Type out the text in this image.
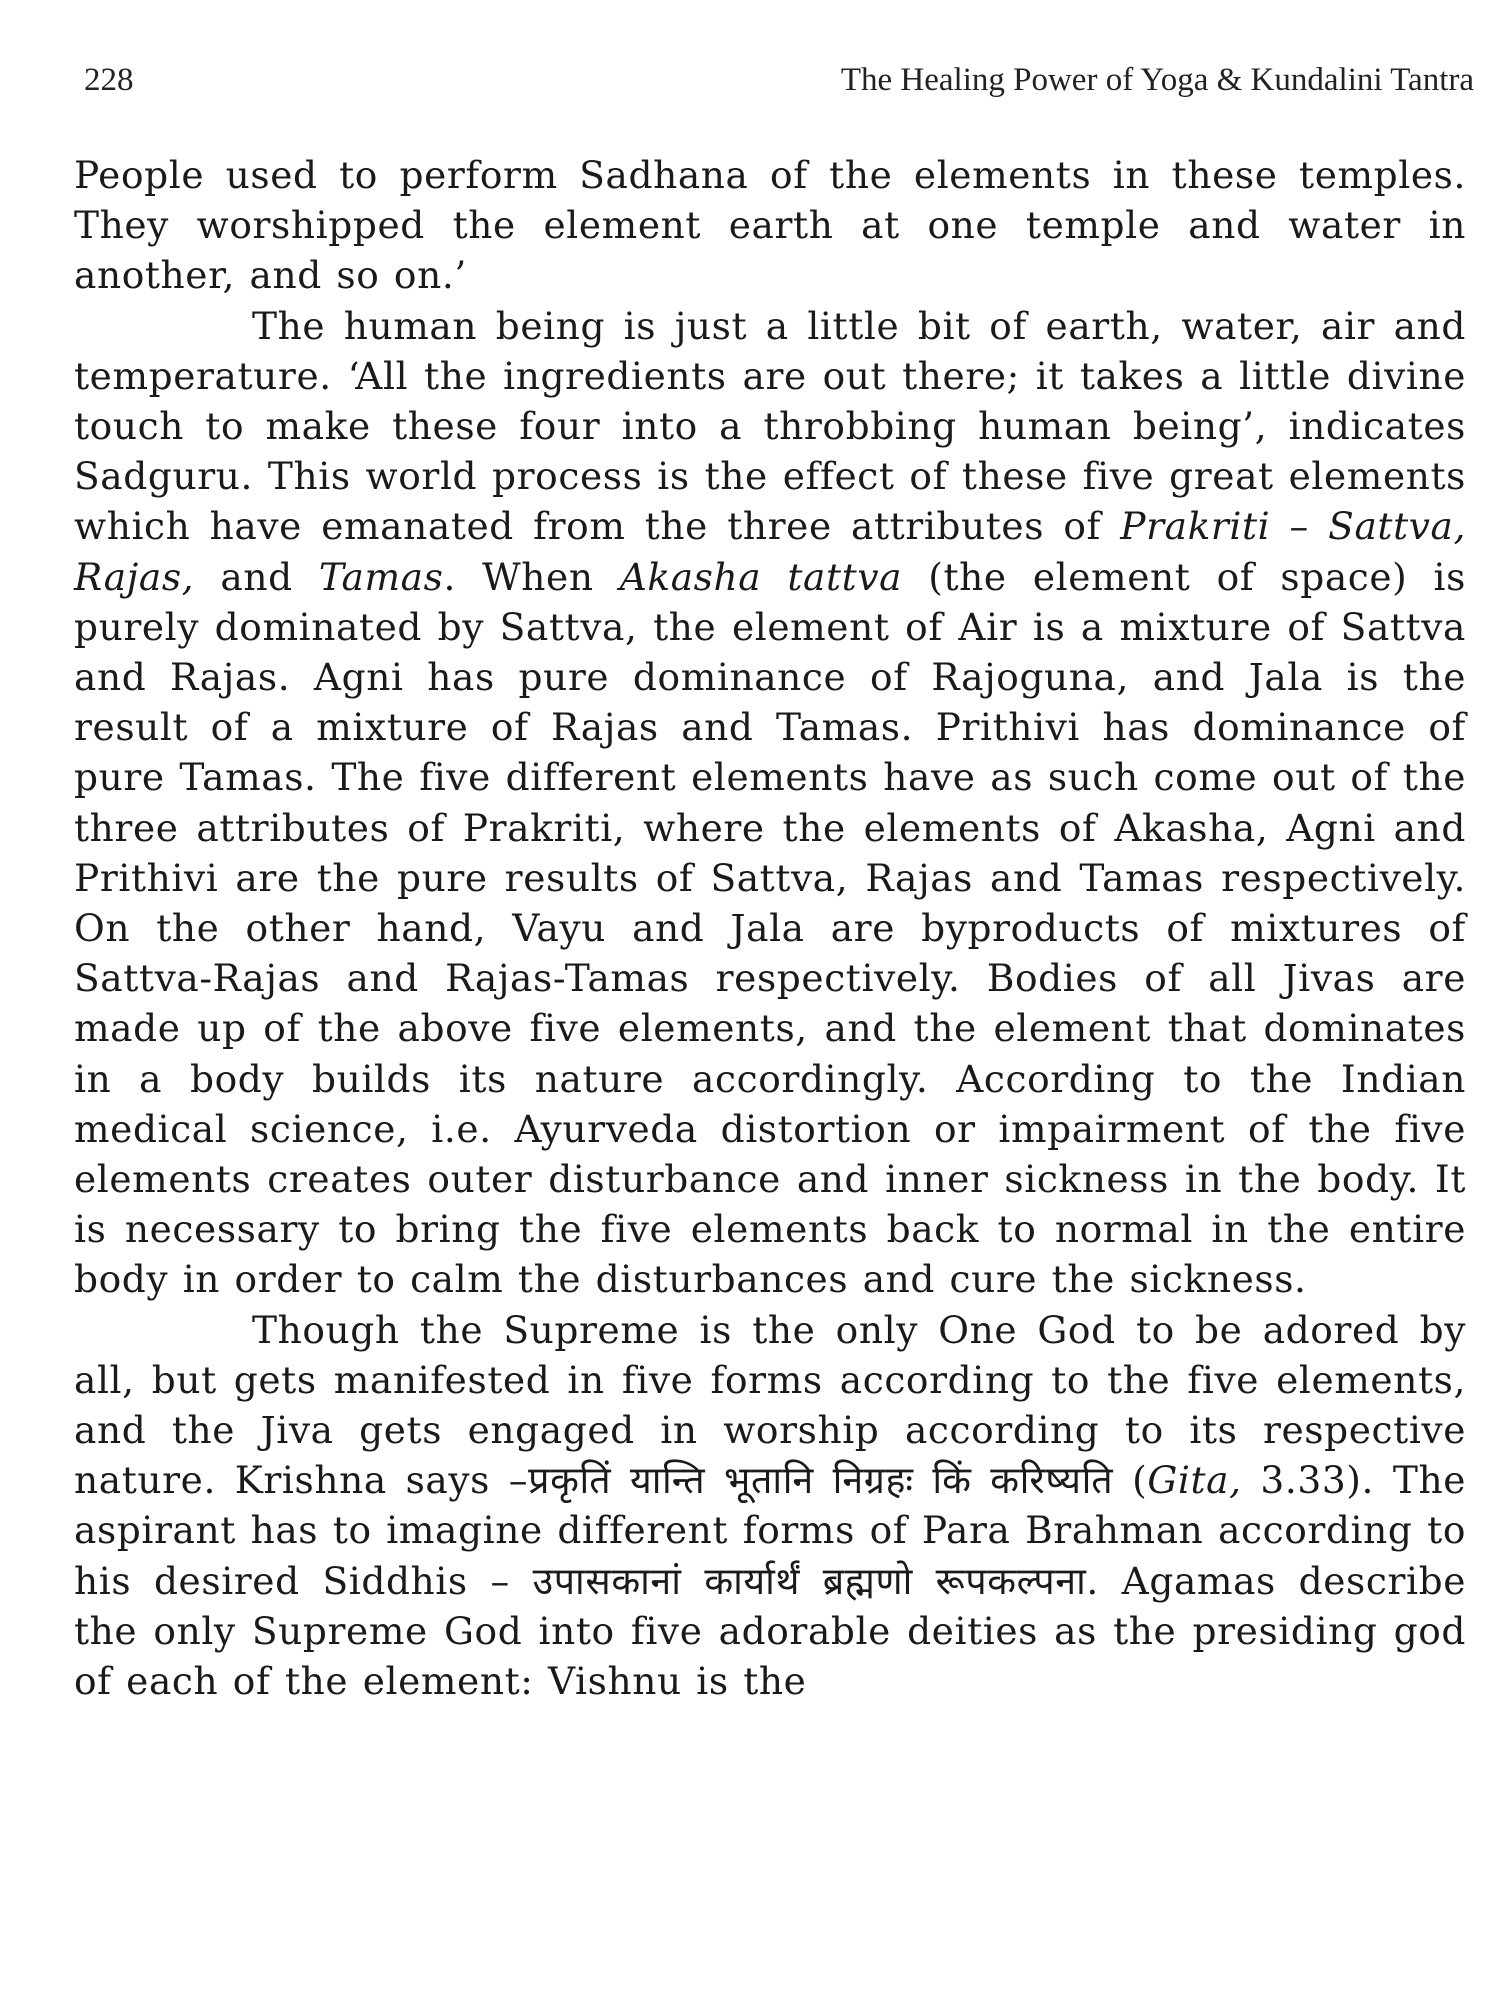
228	The Healing Power of Yoga & Kundalini Tantra

People used to perform Sadhana of the elements in these temples. They worshipped the element earth at one temple and water in another, and so on.’

The human being is just a little bit of earth, water, air and temperature. ‘All the ingredients are out there; it takes a little divine touch to make these four into a throbbing human being’, indicates Sadguru. This world process is the effect of these five great elements which have emanated from the three attributes of Prakriti – Sattva, Rajas, and Tamas. When Akasha tattva (the element of space) is purely dominated by Sattva, the element of Air is a mixture of Sattva and Rajas. Agni has pure dominance of Rajoguna, and Jala is the result of a mixture of Rajas and Tamas. Prithivi has dominance of pure Tamas. The five different elements have as such come out of the three attributes of Prakriti, where the elements of Akasha, Agni and Prithivi are the pure results of Sattva, Rajas and Tamas respectively. On the other hand, Vayu and Jala are byproducts of mixtures of Sattva-Rajas and Rajas-Tamas respectively. Bodies of all Jivas are made up of the above five elements, and the element that dominates in a body builds its nature accordingly. According to the Indian medical science, i.e. Ayurveda distortion or impairment of the five elements creates outer disturbance and inner sickness in the body. It is necessary to bring the five elements back to normal in the entire body in order to calm the disturbances and cure the sickness.

Though the Supreme is the only One God to be adored by all, but gets manifested in five forms according to the five elements, and the Jiva gets engaged in worship according to its respective nature. Krishna says –प्रकृतिं यान्ति भूतानि निग्रहः किं करिष्यति (Gita, 3.33). The aspirant has to imagine different forms of Para Brahman according to his desired Siddhis – उपासकानां कार्यार्थं ब्रह्मणो रूपकल्पना. Agamas describe the only Supreme God into five adorable deities as the presiding god of each of the element: Vishnu is the
